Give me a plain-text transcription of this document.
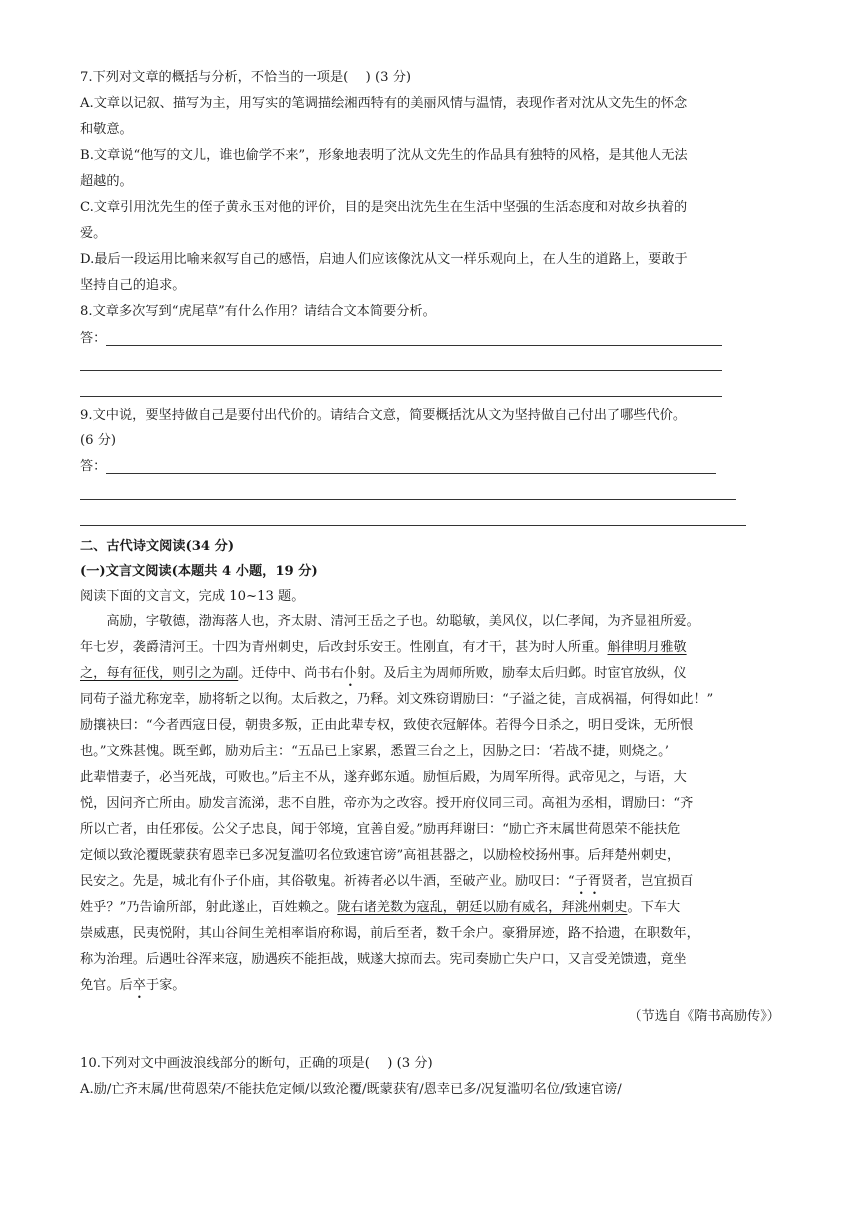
7.下列对文章的概括与分析，不恰当的一项是(　 ) (3 分)
A.文章以记叙、描写为主，用写实的笔调描绘湘西特有的美丽风情与温情，表现作者对沈从文先生的怀念
和敬意。
B.文章说“他写的文儿，谁也偷学不来”，形象地表明了沈从文先生的作品具有独特的风格，是其他人无法
超越的。
C.文章引用沈先生的侄子黄永玉对他的评价，目的是突出沈先生在生活中坚强的生活态度和对故乡执着的
爱。
D.最后一段运用比喻来叙写自己的感悟，启迪人们应该像沈从文一样乐观向上，在人生的道路上，要敢于
坚持自己的追求。
8.文章多次写到“虎尾草”有什么作用？请结合文本简要分析。
答：
9.文中说，要坚持做自己是要付出代价的。请结合文意，简要概括沈从文为坚持做自己付出了哪些代价。
(6 分)
答：
二、古代诗文阅读(34 分)
(一)文言文阅读(本题共 4 小题，19 分)
阅读下面的文言文，完成 10~13 题。
　　高励，字敬德，渤海落人也，齐太尉、清河王岳之子也。幼聪敏，美风仪，以仁孝闻，为齐显祖所爱。
年七岁，袭爵清河王。十四为青州刺史，后改封乐安王。性刚直，有才干，甚为时人所重。斛律明月雅敬
之，每有征伐，则引之为副。迁侍中、尚书右仆射。及后主为周师所败，励奉太后归邺。时宦官放纵，仪
同苟子溢尤称宠幸，励将斩之以徇。太后救之，乃释。刘文殊窃谓励曰：“子溢之徒，言成祸福，何得如此！”
励攘袂曰：“今者西寇日侵，朝贵多叛，正由此辈专权，致使衣冠解体。若得今日杀之，明日受诛，无所恨
也。”文殊甚愧。既至邺，励劝后主：“五品已上家累，悉置三台之上，因胁之曰：‘若战不捷，则烧之。’
此辈惜妻子，必当死战，可败也。”后主不从，遂弃邺东遁。励恒后殿，为周军所得。武帝见之，与语，大
悦，因问齐亡所由。励发言流涕，悲不自胜，帝亦为之改容。授开府仪同三司。高祖为丞相，谓励曰：“齐
所以亡者，由任邪佞。公父子忠良，闻于邻境，宜善自爱。”励再拜谢曰：“励亡齐末属世荷恩荣不能扶危
定倾以致沦覆既蒙获宥恩幸已多况复滥叨名位致速官谤”高祖甚器之，以励检校扬州事。后拜楚州刺史，
民安之。先是，城北有仆子仆庙，其俗敬鬼。祈祷者必以牛酒，至破产业。励叹曰：“子胥贤者，岂宜损百
姓乎？”乃告谕所部，射此遂止，百姓赖之。陇右诸羌数为寇乱，朝廷以励有威名，拜洮州刺史。下车大
崇威惠，民夷悦附，其山谷间生羌相率诣府称谒，前后至者，数千余户。豪猾屏迹，路不拾遗，在职数年，
称为治理。后遇吐谷浑来寇，励遇疾不能拒战，贼遂大掠而去。宪司奏励亡失户口，又言受羌馈遗，竟坐
免官。后卒于家。
（节选自《隋书高励传》）
10.下列对文中画波浪线部分的断句，正确的项是(　 ) (3 分)
A.励/亡齐末属/世荷恩荣/不能扶危定倾/以致沦覆/既蒙获宥/恩幸已多/况复滥叨名位/致速官谤/
